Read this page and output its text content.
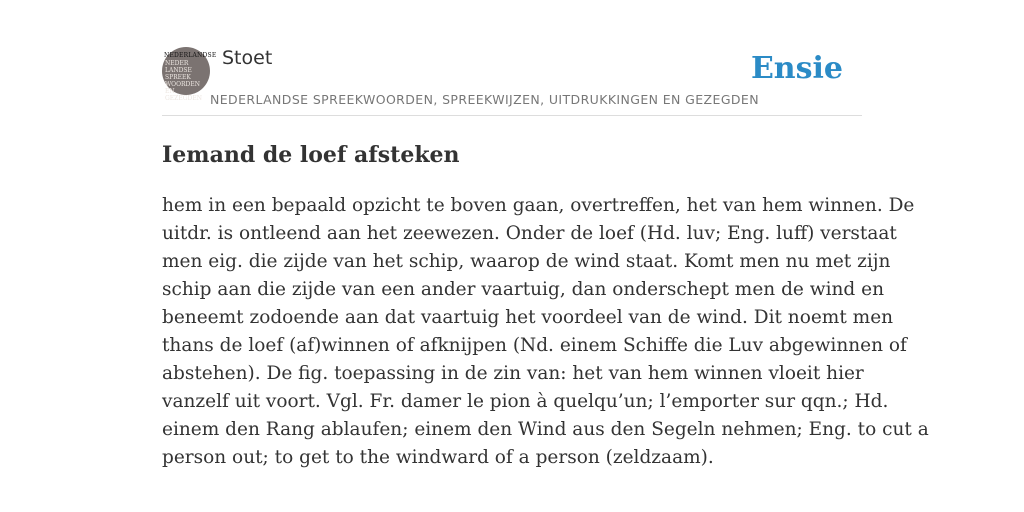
NEDERLANDSE
NEDER
LANDSE
SPREEK
WOORDEN EN
GEZEGDEN
Stoet
NEDERLANDSE SPREEKWOORDEN, SPREEKWIJZEN, UITDRUKKINGEN EN GEZEGDEN
Ensie
Iemand de loef afsteken
hem in een bepaald opzicht te boven gaan, overtreffen, het van hem winnen. De
uitdr. is ontleend aan het zeewezen. Onder de loef (Hd. luv; Eng. luff) verstaat
men eig. die zijde van het schip, waarop de wind staat. Komt men nu met zijn
schip aan die zijde van een ander vaartuig, dan onderschept men de wind en
beneemt zodoende aan dat vaartuig het voordeel van de wind. Dit noemt men
thans de loef (af)winnen of afknijpen (Nd. einem Schiffe die Luv abgewinnen of
abstehen). De fig. toepassing in de zin van: het van hem winnen vloeit hier
vanzelf uit voort. Vgl. Fr. damer le pion à quelqu’un; l’emporter sur qqn.; Hd.
einem den Rang ablaufen; einem den Wind aus den Segeln nehmen; Eng. to cut a
person out; to get to the windward of a person (zeldzaam).
